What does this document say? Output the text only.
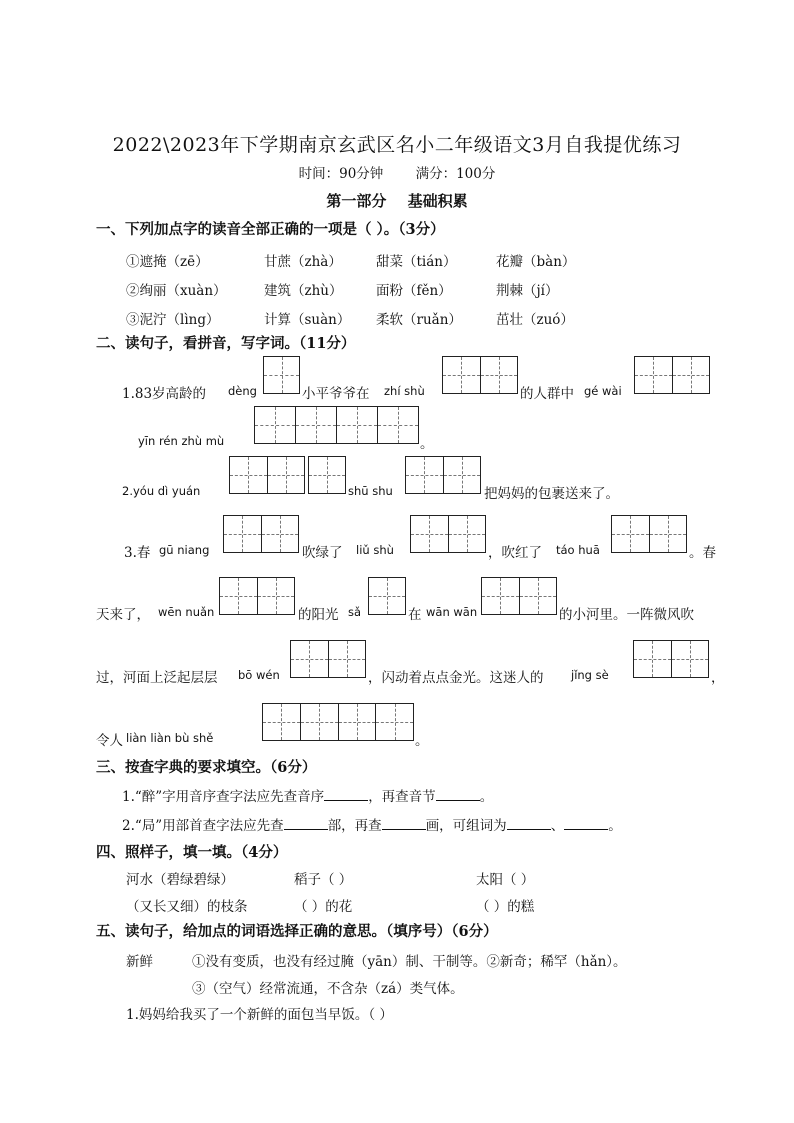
2022\2023年下学期南京玄武区名小二年级语文3月自我提优练习
时间：90分钟 满分：100分
第一部分 基础积累
一、下列加点字的读音全部正确的一项是（ ）。（3分）
①遮掩（zē）	甘蔗（zhà）	甜菜（tián）	花瓣（bàn）
②绚丽（xuàn）	建筑（zhù） 面粉（fěn）	荆棘（jí）
③泥泞（lìng）	计算（suàn） 柔软（ruǎn）	茁壮（zuó）
二、读句子，看拼音，写字词。（11分）
1.83岁高龄的 dèng	小平爷爷在 zhí shù	的人群中 gé wài
yīn rén zhù mù	。
2.yóu dì yuán	shū shu	把妈妈的包裹送来了。
3.春 gū niang	吹绿了 liǔ shù	，吹红了 táo huā	。春
天来了， wēn nuǎn	的阳光 sǎ	在 wān wān	的小河里。一阵微风吹
过，河面上泛起层层 bō wén	，闪动着点点金光。这迷人的 jǐng sè	，
令人 liàn liàn bù shě	。
三、按查字典的要求填空。（6分）
1.“醉”字用音序查字法应先查音序	，再查音节	。
2.“局”用部首查字法应先查	部，再查	画，可组词为	、	。
四、照样子，填一填。（4分）
河水（碧绿碧绿）	稻子（ ）	太阳（ ）
（又长又细）的枝条	（ ）的花	（ ）的糕
五、读句子，给加点的词语选择正确的意思。（填序号）（6分）
新鲜	①没有变质，也没有经过腌（yān）制、干制等。②新奇；稀罕（hǎn）。
③（空气）经常流通，不含杂（zá）类气体。
1.妈妈给我买了一个新鲜的面包当早饭。（ ）
